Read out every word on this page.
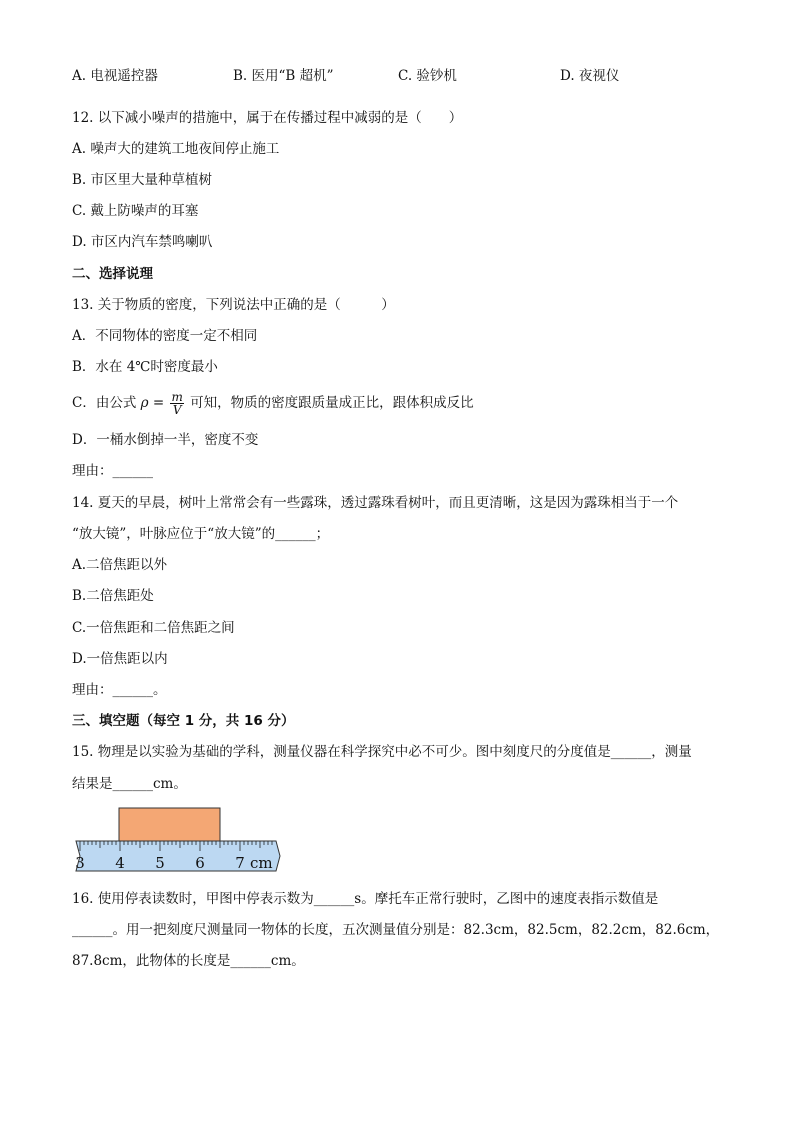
A. 电视遥控器	B. 医用“B 超机”	C. 验钞机	D. 夜视仪
12. 以下减小噪声的措施中，属于在传播过程中减弱的是（　　）
A. 噪声大的建筑工地夜间停止施工
B. 市区里大量种草植树
C. 戴上防噪声的耳塞
D. 市区内汽车禁鸣喇叭
二、选择说理
13. 关于物质的密度，下列说法中正确的是（　　　）
A．不同物体的密度一定不相同
B．水在 4℃时密度最小
C．由公式 $\rho = \frac{m}{V}$ 可知，物质的密度跟质量成正比，跟体积成反比
D．一桶水倒掉一半，密度不变
理由：______
14. 夏天的早晨，树叶上常常会有一些露珠，透过露珠看树叶，而且更清晰，这是因为露珠相当于一个
“放大镜”，叶脉应位于“放大镜”的______；
A.二倍焦距以外
B.二倍焦距处
C.一倍焦距和二倍焦距之间
D.一倍焦距以内
理由：______。
三、填空题（每空 1 分，共 16 分）
15. 物理是以实验为基础的学科，测量仪器在科学探究中必不可少。图中刻度尺的分度值是______，测量
结果是______cm。
3 4 5 6 7 cm
16. 使用停表读数时，甲图中停表示数为______s。摩托车正常行驶时，乙图中的速度表指示数值是
______。用一把刻度尺测量同一物体的长度，五次测量值分别是：82.3cm，82.5cm，82.2cm，82.6cm，
87.8cm，此物体的长度是______cm。
